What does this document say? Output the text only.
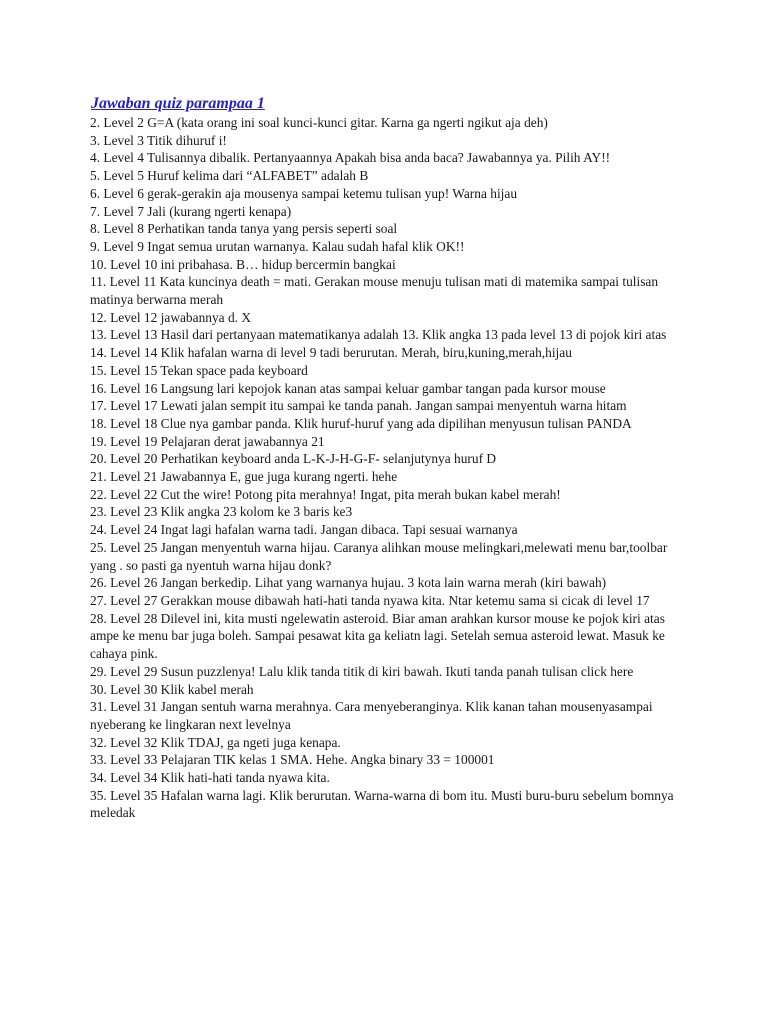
Jawaban quiz parampaa 1
2. Level 2 G=A (kata orang ini soal kunci-kunci gitar. Karna ga ngerti ngikut aja deh)
3. Level 3 Titik dihuruf i!
4. Level 4 Tulisannya dibalik. Pertanyaannya Apakah bisa anda baca? Jawabannya ya. Pilih AY!!
5. Level 5 Huruf kelima dari “ALFABET” adalah B
6. Level 6 gerak-gerakin aja mousenya sampai ketemu tulisan yup! Warna hijau
7. Level 7 Jali (kurang ngerti kenapa)
8. Level 8 Perhatikan tanda tanya yang persis seperti soal
9. Level 9 Ingat semua urutan warnanya. Kalau sudah hafal klik OK!!
10. Level 10 ini pribahasa. B… hidup bercermin bangkai
11. Level 11 Kata kuncinya death = mati. Gerakan mouse menuju tulisan mati di matemika sampai tulisan matinya berwarna merah
12. Level 12 jawabannya d. X
13. Level 13 Hasil dari pertanyaan matematikanya adalah 13. Klik angka 13 pada level 13 di pojok kiri atas
14. Level 14 Klik hafalan warna di level 9 tadi berurutan. Merah, biru,kuning,merah,hijau
15. Level 15 Tekan space pada keyboard
16. Level 16 Langsung lari kepojok kanan atas sampai keluar gambar tangan pada kursor mouse
17. Level 17 Lewati jalan sempit itu sampai ke tanda panah. Jangan sampai menyentuh warna hitam
18. Level 18 Clue nya gambar panda. Klik huruf-huruf yang ada dipilihan menyusun tulisan PANDA
19. Level 19 Pelajaran derat jawabannya 21
20. Level 20 Perhatikan keyboard anda L-K-J-H-G-F- selanjutynya huruf D
21. Level 21 Jawabannya E, gue juga kurang ngerti. hehe
22. Level 22 Cut the wire! Potong pita merahnya! Ingat, pita merah bukan kabel merah!
23. Level 23 Klik angka 23 kolom ke 3 baris ke3
24. Level 24 Ingat lagi hafalan warna tadi. Jangan dibaca. Tapi sesuai warnanya
25. Level 25 Jangan menyentuh warna hijau. Caranya alihkan mouse melingkari,melewati menu bar,toolbar yang . so pasti ga nyentuh warna hijau donk?
26. Level 26 Jangan berkedip. Lihat yang warnanya hujau. 3 kota lain warna merah (kiri bawah)
27. Level 27 Gerakkan mouse dibawah hati-hati tanda nyawa kita. Ntar ketemu sama si cicak di level 17
28. Level 28 Dilevel ini, kita musti ngelewatin asteroid. Biar aman arahkan kursor mouse ke pojok kiri atas ampe ke menu bar juga boleh. Sampai pesawat kita ga keliatn lagi. Setelah semua asteroid lewat. Masuk ke cahaya pink.
29. Level 29 Susun puzzlenya! Lalu klik tanda titik di kiri bawah. Ikuti tanda panah tulisan click here
30. Level 30 Klik kabel merah
31. Level 31 Jangan sentuh warna merahnya. Cara menyeberanginya. Klik kanan tahan mousenyasampai nyeberang ke lingkaran next levelnya
32. Level 32 Klik TDAJ, ga ngeti juga kenapa.
33. Level 33 Pelajaran TIK kelas 1 SMA. Hehe. Angka binary 33 = 100001
34. Level 34 Klik hati-hati tanda nyawa kita.
35. Level 35 Hafalan warna lagi. Klik berurutan. Warna-warna di bom itu. Musti buru-buru sebelum bomnya meledak
